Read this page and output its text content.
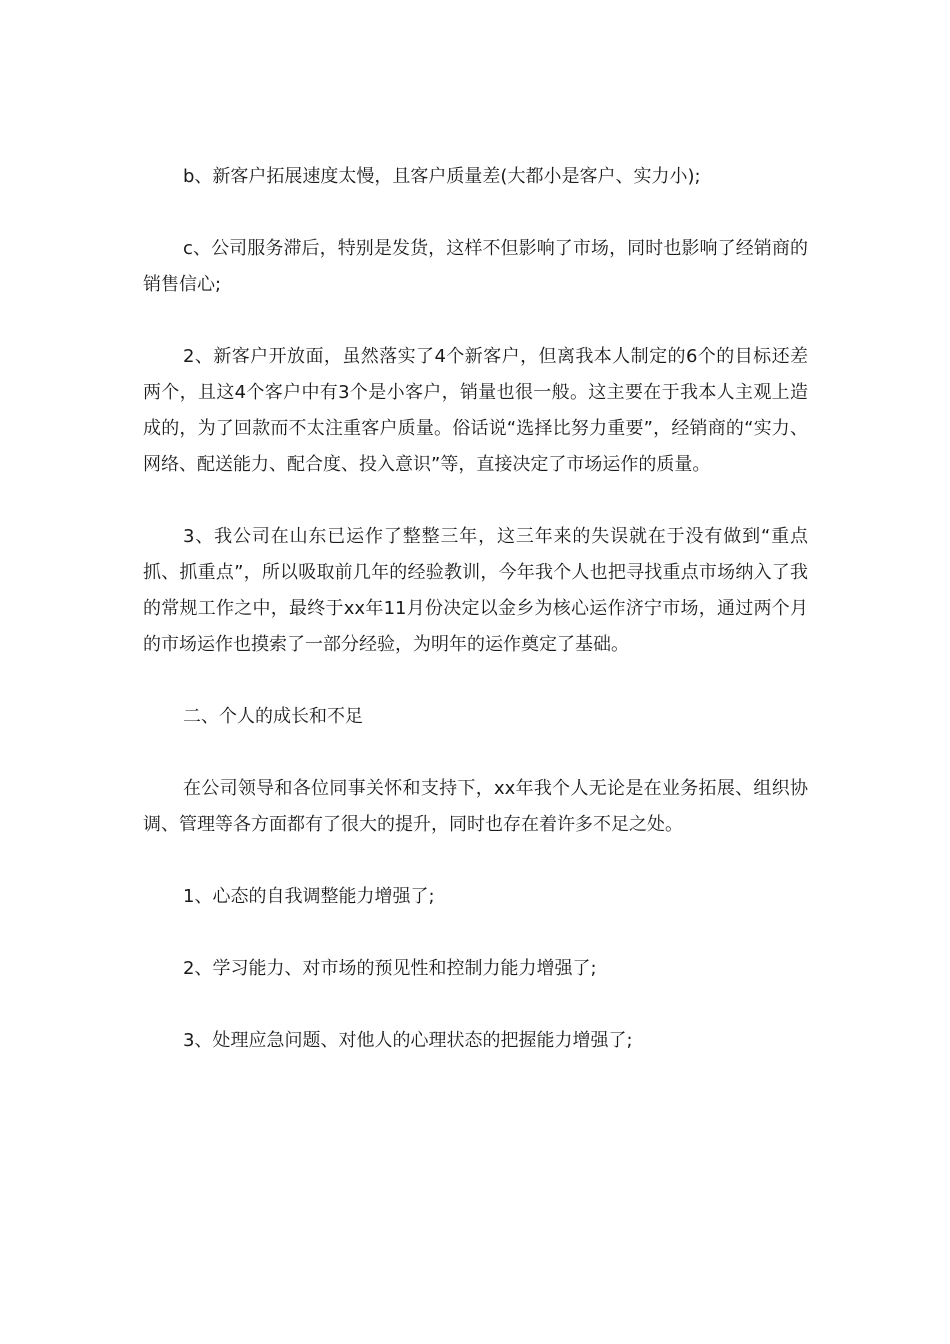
b、新客户拓展速度太慢，且客户质量差(大都小是客户、实力小);

c、公司服务滞后，特别是发货，这样不但影响了市场，同时也影响了经销商的销售信心;

2、新客户开放面，虽然落实了4个新客户，但离我本人制定的6个的目标还差两个，且这4个客户中有3个是小客户，销量也很一般。这主要在于我本人主观上造成的，为了回款而不太注重客户质量。俗话说“选择比努力重要”，经销商的“实力、网络、配送能力、配合度、投入意识”等，直接决定了市场运作的质量。

3、我公司在山东已运作了整整三年，这三年来的失误就在于没有做到“重点抓、抓重点”，所以吸取前几年的经验教训，今年我个人也把寻找重点市场纳入了我的常规工作之中，最终于xx年11月份决定以金乡为核心运作济宁市场，通过两个月的市场运作也摸索了一部分经验，为明年的运作奠定了基础。

二、个人的成长和不足

在公司领导和各位同事关怀和支持下，xx年我个人无论是在业务拓展、组织协调、管理等各方面都有了很大的提升，同时也存在着许多不足之处。

1、心态的自我调整能力增强了;

2、学习能力、对市场的预见性和控制力能力增强了;

3、处理应急问题、对他人的心理状态的把握能力增强了;
